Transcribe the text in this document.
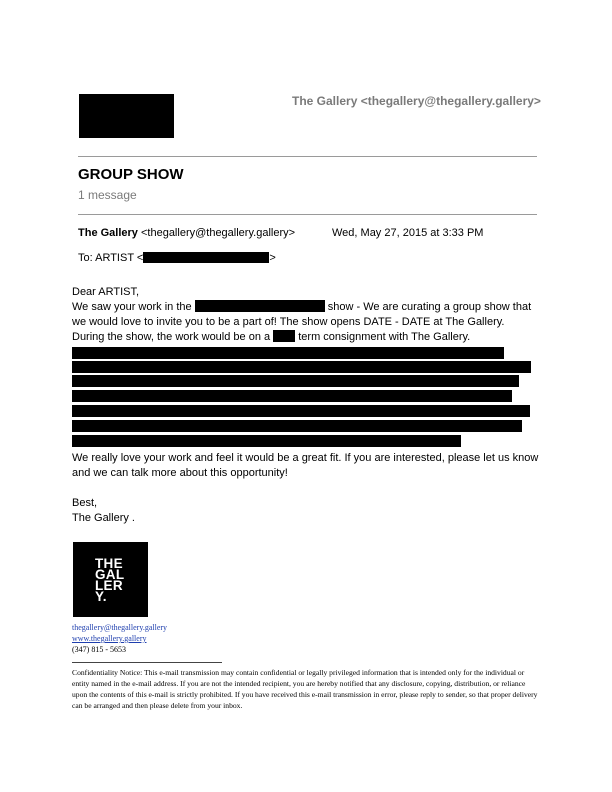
The Gallery <thegallery@thegallery.gallery>
GROUP SHOW
1 message
The Gallery <thegallery@thegallery.gallery>	Wed, May 27, 2015 at 3:33 PM
To: ARTIST <	>
Dear ARTIST,
We saw your work in the	show - We are curating a group show that
we would love to invite you to be a part of! The show opens DATE - DATE at The Gallery.
During the show, the work would be on a	term consignment with The Gallery.
We really love your work and feel it would be a great fit. If you are interested, please let us know
and we can talk more about this opportunity!
Best,
The Gallery .
THE
GAL
LER
Y.
thegallery@thegallery.gallery
www.thegallery.gallery
(347) 815 - 5653
Confidentiality Notice: This e-mail transmission may contain confidential or legally privileged information that is intended only for the individual or entity named in the e-mail address. If you are not the intended recipient, you are hereby notified that any disclosure, copying, distribution, or reliance upon the contents of this e-mail is strictly prohibited. If you have received this e-mail transmission in error, please reply to sender, so that proper delivery can be arranged and then please delete from your inbox.
